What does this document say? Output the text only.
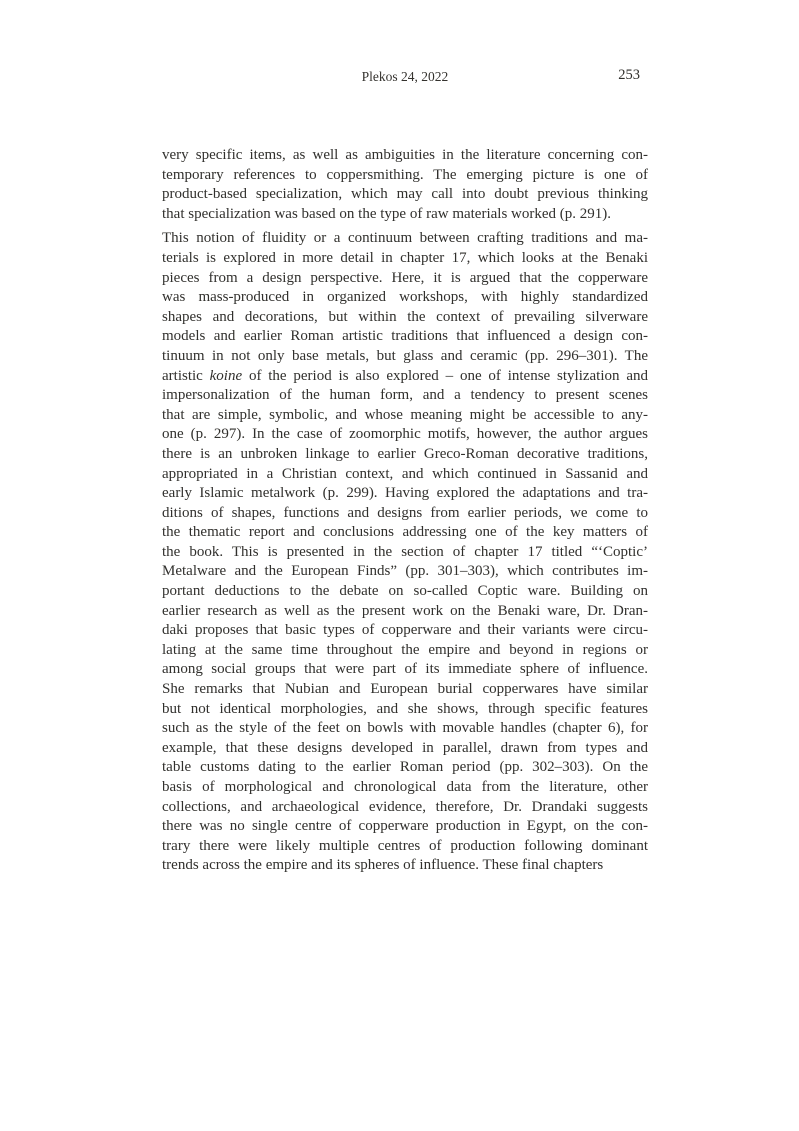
Plekos 24, 2022	253
very specific items, as well as ambiguities in the literature concerning con-
temporary references to coppersmithing. The emerging picture is one of
product-based specialization, which may call into doubt previous thinking
that specialization was based on the type of raw materials worked (p. 291).
This notion of fluidity or a continuum between crafting traditions and ma-
terials is explored in more detail in chapter 17, which looks at the Benaki
pieces from a design perspective. Here, it is argued that the copperware
was mass-produced in organized workshops, with highly standardized
shapes and decorations, but within the context of prevailing silverware
models and earlier Roman artistic traditions that influenced a design con-
tinuum in not only base metals, but glass and ceramic (pp. 296–301). The
artistic koine of the period is also explored – one of intense stylization and
impersonalization of the human form, and a tendency to present scenes
that are simple, symbolic, and whose meaning might be accessible to any-
one (p. 297). In the case of zoomorphic motifs, however, the author argues
there is an unbroken linkage to earlier Greco-Roman decorative traditions,
appropriated in a Christian context, and which continued in Sassanid and
early Islamic metalwork (p. 299). Having explored the adaptations and tra-
ditions of shapes, functions and designs from earlier periods, we come to
the thematic report and conclusions addressing one of the key matters of
the book. This is presented in the section of chapter 17 titled “‘Coptic’
Metalware and the European Finds” (pp. 301–303), which contributes im-
portant deductions to the debate on so-called Coptic ware. Building on
earlier research as well as the present work on the Benaki ware, Dr. Dran-
daki proposes that basic types of copperware and their variants were circu-
lating at the same time throughout the empire and beyond in regions or
among social groups that were part of its immediate sphere of influence.
She remarks that Nubian and European burial copperwares have similar
but not identical morphologies, and she shows, through specific features
such as the style of the feet on bowls with movable handles (chapter 6), for
example, that these designs developed in parallel, drawn from types and
table customs dating to the earlier Roman period (pp. 302–303). On the
basis of morphological and chronological data from the literature, other
collections, and archaeological evidence, therefore, Dr. Drandaki suggests
there was no single centre of copperware production in Egypt, on the con-
trary there were likely multiple centres of production following dominant
trends across the empire and its spheres of influence. These final chapters
